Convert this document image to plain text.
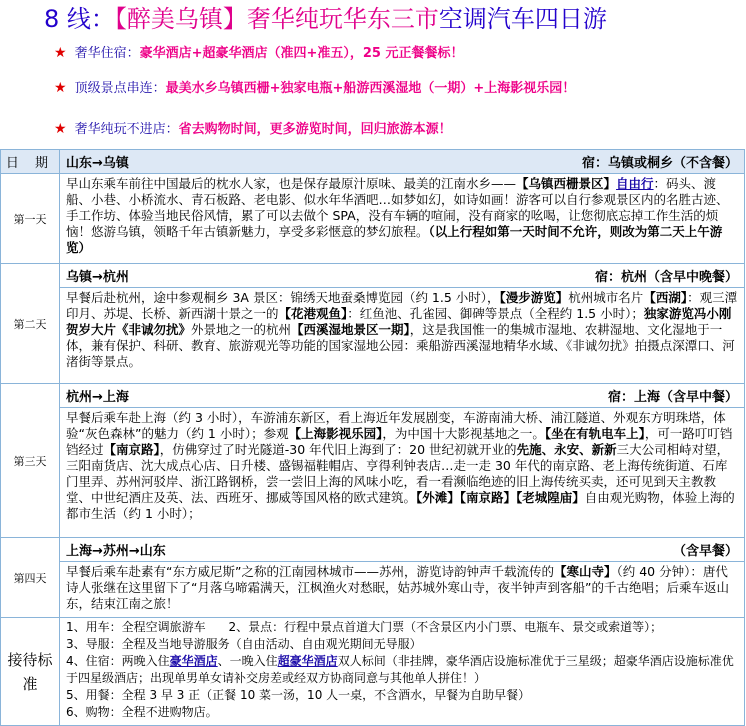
8 线：【醉美乌镇】奢华纯玩华东三市空调汽车四日游
★ 奢华住宿：豪华酒店+超豪华酒店（准四+准五），25 元正餐餐标！
★ 顶级景点串连：最美水乡乌镇西栅+独家电瓶+船游西溪湿地（一期）+上海影视乐园！
★ 奢华纯玩不进店：省去购物时间，更多游览时间，回归旅游本源！
日 期	山东→乌镇 宿：乌镇或桐乡（不含餐）

第一天	早山东乘车前往中国最后的枕水人家，也是保存最原汁原味、最美的江南水乡——【乌镇西栅景区】自由行：码头、渡船、小巷、小桥流水、青石板路、老电影、似水年华酒吧…如梦如幻，如诗如画！游客可以自行参观景区内的名胜古迹、手工作坊、体验当地民俗风情，累了可以去做个 SPA，没有车辆的喧闹，没有商家的吆喝，让您彻底忘掉工作生活的烦恼！悠游乌镇，领略千年古镇新魅力，享受多彩惬意的梦幻旅程。（以上行程如第一天时间不允许，则改为第二天上午游览）

第二天	乌镇→杭州 宿：杭州（含早中晚餐）

	早餐后赴杭州，途中参观桐乡 3A 景区：锦绣天地蚕桑博览园（约 1.5 小时），【漫步游览】杭州城市名片【西湖】：观三潭印月、苏堤、长桥、新西湖十景之一的【花港观鱼】：红鱼池、孔雀园、御碑等景点（全程约 1.5 小时）；独家游览冯小刚贺岁大片《非诚勿扰》外景地之一的杭州【西溪湿地景区一期】，这是我国惟一的集城市湿地、农耕湿地、文化湿地于一体，兼有保护、科研、教育、旅游观光等功能的国家湿地公园：乘船游西溪湿地精华水域、《非诚勿扰》拍摄点深潭口、河渚街等景点。

第三天	杭州→上海 宿：上海（含早中餐）

	早餐后乘车赴上海（约 3 小时），车游浦东新区，看上海近年发展剧变，车游南浦大桥、浦江隧道、外观东方明珠塔，体验“灰色森林”的魅力（约 1 小时）；参观【上海影视乐园】，为中国十大影视基地之一。【坐在有轨电车上】，可一路叮叮铛铛经过【南京路】，仿佛穿过了时光隧道-30 年代旧上海到了：20 世纪初就开业的先施、永安、新新三大公司相峙对望，三阳南货店、沈大成点心店、日升楼、盛锡福鞋帽店、亨得利钟表店…走一走 30 年代的南京路、老上海传统街道、石库门里弄、苏州河驳岸、浙江路钢桥，尝一尝旧上海的风味小吃，看一看濒临绝迹的旧上海传统买卖，还可见到天主教教堂、中世纪酒庄及英、法、西班牙、挪威等国风格的欧式建筑。【外滩】【南京路】【老城隍庙】自由观光购物，体验上海的都市生活（约 1 小时）；

第四天	上海→苏州→山东 （含早餐）

	早餐后乘车赴素有“东方威尼斯”之称的江南园林城市——苏州，游览诗韵钟声千载流传的【寒山寺】（约 40 分钟）：唐代诗人张继在这里留下了“月落乌啼霜满天，江枫渔火对愁眠，姑苏城外寒山寺，夜半钟声到客船”的千古绝唱；后乘车返山东，结束江南之旅！

接待标准	1、用车：全程空调旅游车 2、景点：行程中景点首道大门票（不含景区内小门票、电瓶车、景交或索道等）；
3、导服：全程及当地导游服务（自由活动、自由观光期间无导服）
4、住宿：两晚入住豪华酒店、一晚入住超豪华酒店双人标间（非挂牌，豪华酒店设施标准优于三星级；超豪华酒店设施标准优于四星级酒店；出现单男单女请补交房差或经双方协商同意与其他单人拼住！）
5、用餐：全程 3 早 3 正（正餐 10 菜一汤，10 人一桌，不含酒水，早餐为自助早餐）
6、购物：全程不进购物店。
